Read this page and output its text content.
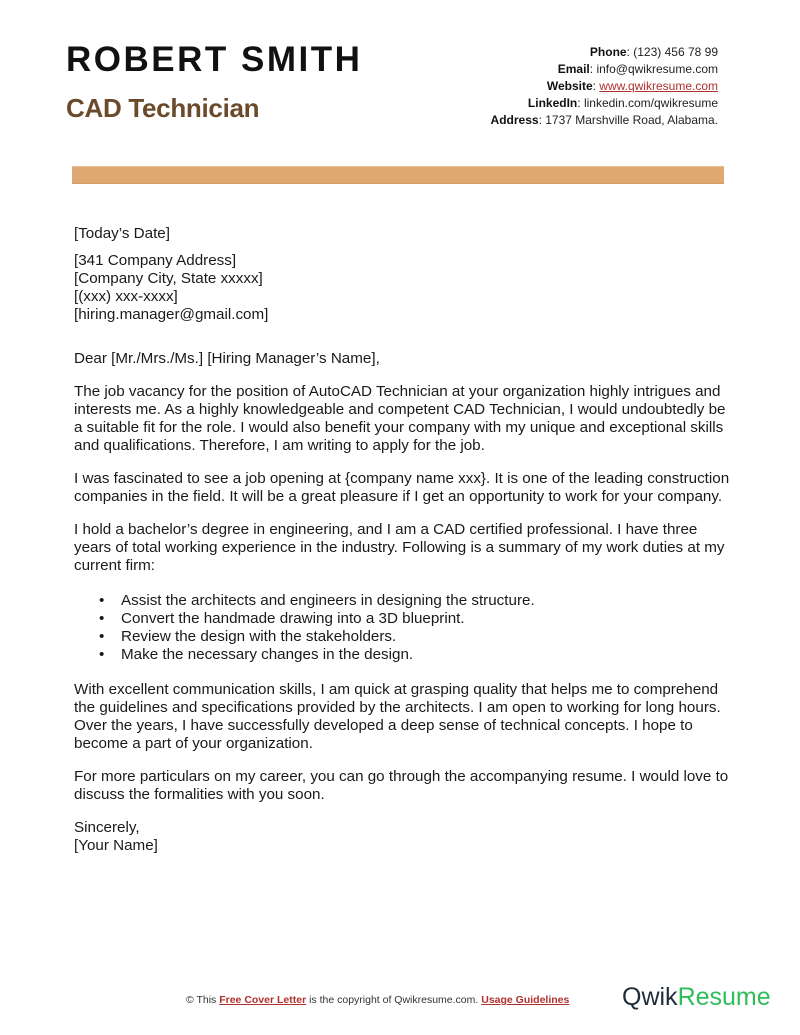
ROBERT SMITH
CAD Technician
Phone: (123) 456 78 99
Email: info@qwikresume.com
Website: www.qwikresume.com
LinkedIn: linkedin.com/qwikresume
Address: 1737 Marshville Road, Alabama.

[Today’s Date]

[341 Company Address]
[Company City, State xxxxx]
[(xxx) xxx-xxxx]
[hiring.manager@gmail.com]

Dear [Mr./Mrs./Ms.] [Hiring Manager’s Name],

The job vacancy for the position of AutoCAD Technician at your organization highly intrigues and interests me. As a highly knowledgeable and competent CAD Technician, I would undoubtedly be a suitable fit for the role. I would also benefit your company with my unique and exceptional skills and qualifications. Therefore, I am writing to apply for the job.

I was fascinated to see a job opening at {company name xxx}. It is one of the leading construction companies in the field. It will be a great pleasure if I get an opportunity to work for your company.

I hold a bachelor’s degree in engineering, and I am a CAD certified professional. I have three years of total working experience in the industry. Following is a summary of my work duties at my current firm:

• Assist the architects and engineers in designing the structure.
• Convert the handmade drawing into a 3D blueprint.
• Review the design with the stakeholders.
• Make the necessary changes in the design.

With excellent communication skills, I am quick at grasping quality that helps me to comprehend the guidelines and specifications provided by the architects. I am open to working for long hours. Over the years, I have successfully developed a deep sense of technical concepts. I hope to become a part of your organization.

For more particulars on my career, you can go through the accompanying resume. I would love to discuss the formalities with you soon.

Sincerely,
[Your Name]

© This Free Cover Letter is the copyright of Qwikresume.com. Usage Guidelines QwikResume
